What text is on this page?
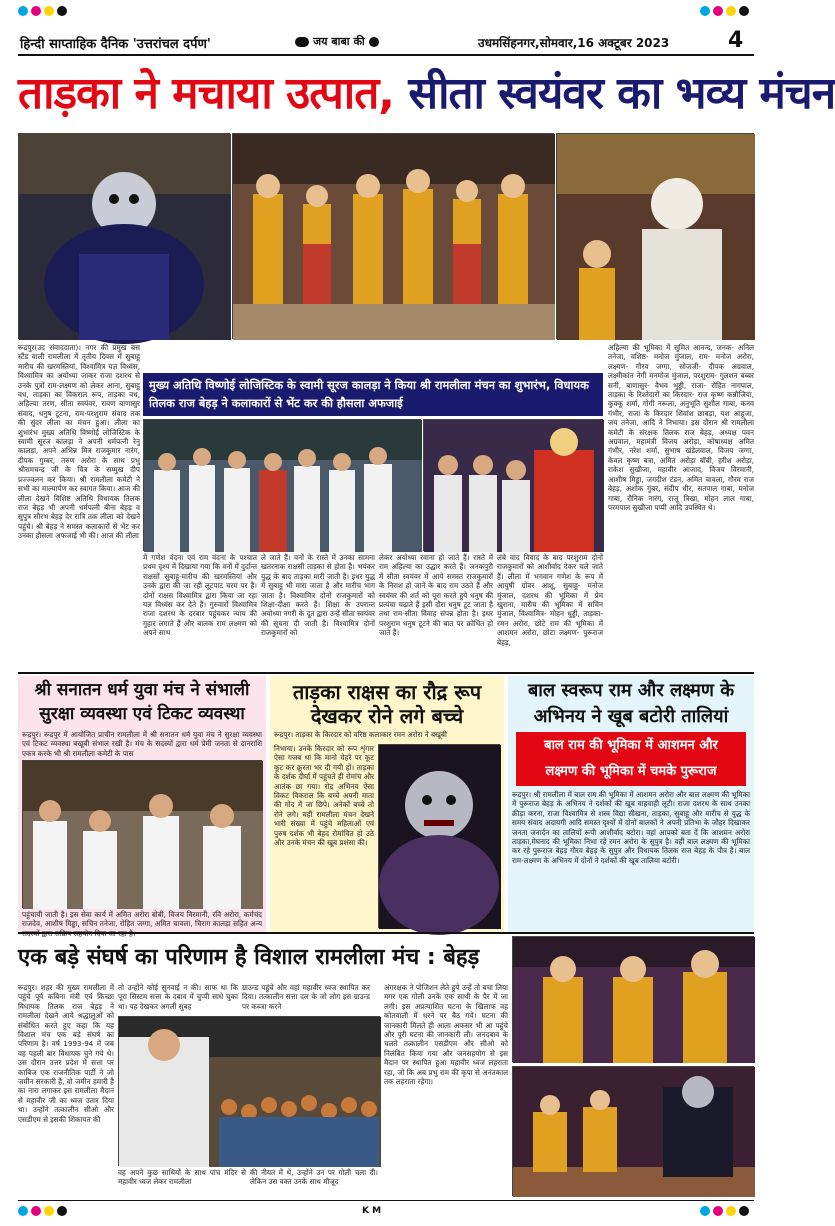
हिन्दी साप्ताहिक दैनिक 'उत्तरांचल दर्पण'	जय बाबा की	उधमसिंहनगर,सोमवार,16 अक्टूबर 2023	4
ताड़का ने मचाया उत्पात, सीता स्वयंवर का भव्य मंचन
रूद्रपुर(उद संवाददाता)। नगर की प्रमुख बस स्टैंड वाली रामलीला में तृतीय दिवस में सुबाहु मारीच की खरमस्तियां, विश्वामित्र यज्ञ विध्वंस, विश्वामित्र का अयोध्या जाकर राजा दशरथ से उनके पुत्रों राम-लक्ष्मण को लेकर आना, सुबाहु वध, ताड़का का विकराल रूप, ताड़का वध, अहिल्या तरण, सीता स्वयंवर, रावण बाणासुर संवाद, धनुष टूटना, राम-परशुराम संवाद तक की सुंदर लीला का मंचन हुआ। लीला का शुभारंभ मुख्य अतिथि विष्णोई लोजिस्टिक के स्वामी सूरज कालड़ा ने अपनी धर्मपत्नी रेनु कालड़ा, अपने अभिन्न मित्र राजकुमार नारंग, दीपक गुम्बर, तरुण अरोरा के साथ प्रभु श्रीरामचन्द्र जी के चित्र के सम्मुख दीप प्रज्ज्वलन कर किया। श्री रामलीला कमेटी ने सभी का माल्यार्पण कर स्वागत किया। आज की लीला देखने विशिष्ट अतिथि विधायक तिलक राज बेहड़ भी अपनी धर्मपत्नी बीना बेहड़ व सुपुत्र सौरभ बेहड़ देर रात्रि तक लीला को देखने पहुंचे। श्री बेहड़ ने समस्त कलाकारों से भेंट कर उनका हौसला अफजाई भी की। आज की लीला
मुख्य अतिथि विष्णोई लोजिस्टिक के स्वामी सूरज कालड़ा ने किया श्री रामलीला मंचन का शुभारंभ, विधायक तिलक राज बेहड़ ने कलाकारों से भेंट कर की हौसला अफजाई
अहिल्या की भूमिका में सुमित आनन्द, जनक- अनिल तनेजा, वशिष्ठ- मनोज मुंजाल, राम- मनोज अरोरा, लक्ष्मण- गौरव जग्गा, सोजजी- दीपक अग्रवाल, लक्ष्मीकांत नेगी मनमोज मुंजाल, परशुराम- गुलशन बब्बर सनी, बाणासुर- वैभव भुड्डी, राजा- रोहित नागपाल, ताड़का के रिश्तेदारों का किरदार- राज कृष्ण कन्नौजिया, कुक्कू शर्मा, गोगी नरूला, अनुभूति सुशील गाबा, कनव गंभीर, राजा के किरदार शिवांश छाबड़ा, यश आहूजा, जय तनेजा, आदि ने निभाया। इस दौरान श्री रामलीला कमेटी के संरक्षक तिलक राज बेहड़, अध्यक्ष पवन अग्रवाल, महामंत्री विजय अरोड़ा, कोषाध्यक्ष अमित गंभीर, नरेश शर्मा, सुभाष खंडेलवाल, विजय जग्गा, केवल कृष्ण बत्रा, अमित अरोड़ा बॉबी, हरीश अरोड़ा, राकेश सुखीजा, महावीर आजाद, विजय विरमानी, आशीष मिड्ढा, जगदीश टंडन, अमित चावला, गौरव राज बेहड़, अशोक गुंबर, संदीप धीर, सतपाल गाबा, मनोज गाबा, रौनिक नारंग, राजू त्रिखा, मोहन लाल गाबा, परमपाल सुखीजा पप्पी आदि उपस्थित थे।
में गणेश वंदना एवं राम वंदना के पश्चात प्रथम दृश्य में दिखाया गया कि वनों में दुर्दान्त राक्षसों सुबाहु-मारीच की खरमस्तियां और उनके द्वारा की जा रही लूटपाट चरम पर है। दोनों राक्षस विश्वामित्र द्वारा किया जा रहा यज्ञ विध्वंस कर देते हैं। गुरुवारों विश्वामित्र राजा दशरथ के दरबार पहुंचकर न्याय की गुहार लगाते हैं और बालक राम लक्ष्मण को अपने साथ
ले जाते हैं। वनों के रास्ते में उनका सामना खतरनाक राक्षसी ताड़का से होता है। भयंकर युद्ध के बाद ताड़का मारी जाती है। इधर युद्ध में सुबाहु भी मारा जाता है और मारीच भाग जाता है। विश्वामित्र दोनों राजकुमारों को शिक्षा-दीक्षा करते हैं। शिक्षा के उपरान्त अयोध्या नगरी के दूत द्वारा उन्हें सीता स्वयंवर की सूचना दी जाती है। विश्वामित्र दोनों राजकुमारों को
लेकर अयोध्या रवाना हो जाते हैं। रास्ते में राम अहिल्या का उद्धार करते हैं। जनकपुरी में सीता स्वयंवर में आये समस्त राजकुमारों के निराश हो जाने के बाद राम उठते हैं और स्वयंवर की शर्त को पूरा करते हुये धनुष की प्रत्यंचा चढ़ाते हैं इसी दौरा धनुष टूट जाता है तथा राम-सीता विवाह संपन्न होता है। इधर परशुराम धनुष टूटने की बात पर क्रोधित हो जाते हैं।
लंबे वाद विवाद के बाद परशुराम दोनों राजकुमारों को आशीर्वाद देकर चले जाते हैं। लीला में भगवान गणेश के रूप में आयुषी ग्रोवर आशू, सुबाहु- मनोज मुंजाल, दशरथ की भूमिका में प्रेम खुराना, मारीच की भूमिका में सचिन मुंजाल, विश्वामित्र- मोहन धुड्डी, ताड़का- रमन अरोरा, छोटे राम की भूमिका में आशमन अरोरा, छोटा लक्ष्मण- पुरूराज बेहड़,
श्री सनातन धर्म युवा मंच ने संभाली सुरक्षा व्यवस्था एवं टिकट व्यवस्था
रूद्रपुर। रूद्रपुर में आयोजित प्राचीन रामलीला में श्री सनातन धर्म युवा मंच ने सुरक्षा व्यवस्था एवं टिकट व्यवस्था बखूबी संभाल रखी है। मंच के सदस्यों द्वारा धर्म प्रेमी जनता से दानराशि एकत्र करके भी श्री रामलीला कमेटी के पास
पहुंचायी जाती है। इस सेवा कार्य में अमित अरोरा बोबी, विजय विरमानी, रवि अरोरा, कर्मचंद राजदेव, आशीष मिड्ढा, सचिन तनेजा, रोहित जग्गा, अमित चावला, चिराग कालड़ा सहित अन्य
ताड़का राक्षस का रौद्र रूप
देखकर रोने लगे बच्चे
रूद्रपुर। ताड़का के किरदार को वरिष्ठ कलाकार रमन अरोरा ने बखूबी
निभाया। उनके किरदार को रूप शृंगार ऐसा गजब था कि मानो चेहरे पर कूट कूट कर क्रूरता भर दी गयी हो। ताड़का के दर्शक दीर्घा में पहुंचते ही रोमांच और आतंक छा गया। रोद्र अभिनय ऐसा विकट विकराल कि बच्चे अपनी माता की गोद में जा छिपे। अनेकों बच्चे तो रोने लगे। वहीं रामलीला मंचन देखने भारी संख्या में पहुंचे महिलाओं एवं पुरुष दर्शक भी बेहद रोमांचित हो उठे और उनके मंचन की खूब प्रशंसा की।
बाल स्वरूप राम और लक्ष्मण के अभिनय ने खूब बटोरी तालियां
बाल राम की भूमिका में आशमन और
लक्ष्मण की भूमिका में चमके पुरूराज
रूद्रपुर। श्री रामलीला में बाल राम की भूमिका में आशमन अरोरा और बाल लक्ष्मण की भूमिका में पुरूराज बेहड़ के अभिनय ने दर्शकों की खूब वाहवाही लूटी। राजा दशरथ के साथ उनका क्रीड़ा करना, राजा विश्वामित्र से शस्त्र विद्या सीखना, ताड़का, सुबाहु और मारीच से युद्ध के समय संवाद अदायगी आदि समस्त दृश्यों में दोनों बालकों ने अपनी प्रतिभा के जौहर दिखाकर जनता जनार्दन का तालियों रूपी आशीर्वाद बटोरा। वहां आपको बता दें कि आशमन अरोरा ताड़का,मेघनाद की भूमिका निभा रहे रमन अरोरा के सुपुत्र है। वहीं बाल लक्ष्मण की भूमिका कर रहे पुरूराज बेहड़ गौरव बेहड़ के सुपुत्र और विधायक तिलक राज बेहड़ के पौत्र है। बाल राम-लक्ष्मण के अभिनय में दोनों ने दर्शकों की खूब तालिया बटोरी।
एक बड़े संघर्ष का परिणाम है विशाल रामलीला मंच : बेहड़
रूद्रपुर। शहर की मुख्य रामलीला में पहुंचे पूर्व कबिना मंत्री एवं किच्छा विधायक तिलक राज बेहड़ ने रामलीला देखने आये श्रद्धालुओं को संबोधित करते हुए कहा कि यह विशाल मंच एक बड़े संघर्ष का परिणाम है। वर्ष 1993-94 में जब वह पहली बार विधायक चुने गये थे। उस दौरान उत्तर प्रदेश में सत्ता पर काबिज एक राजनीतिक पार्टी ने जो जमीन सरकारी है, वो जमीन हमारी है का नारा लगाकर इस रामलीला मैदान से महावीर जी का ध्वज उतार दिया था। उन्होंने तत्कालीन सीओ और एसडीएम से इसकी शिकायत की
तो उन्होंने कोई सुनवाई न की। साफ था कि पूरा सिस्टम सत्ता के दबाव में चुप्पी साधे चुका था। यह देखकर अगली सुबह
ग्राउन्ड पहुंचे और वहां महावीर ध्वज स्थापित कर दिया। तत्कालीन सत्ता दल के जो लोग इस ग्राउन्ड पर कब्जा करने
वह अपने कुछ साथियों के साथ पांच मंदिर से महावीर ध्वज लेकर रामलीला
की नीयत में थे, उन्होंने उन पर गोली चला दी। लेकिन उस वक्त उनके साथ मौजूद
अंगरक्षक ने पोजिशन लेते हुये उन्हें तो बचा लिया मगर एक गोली उनके एक साथी के पैर में जा लगी। इस अप्रत्याशित घटना के खिलाफ वह कोतवाली में धरने पर बैठ गये। घटना की जानकारी मिलते ही आला अफसर भी आ पहुंचे और पूरी घटना की जानकारी ली। जनदबाव के चलते तत्कालीन एसडीएम और सीओ को निलंबित किया गया और जनसहयोग से इस मैदान पर स्थापित हुआ महावीर ध्वज लहराता रहा, जो कि अब प्रभु राम की कृपा से अनंतकाल तक लहराता रहेगा।
K M
